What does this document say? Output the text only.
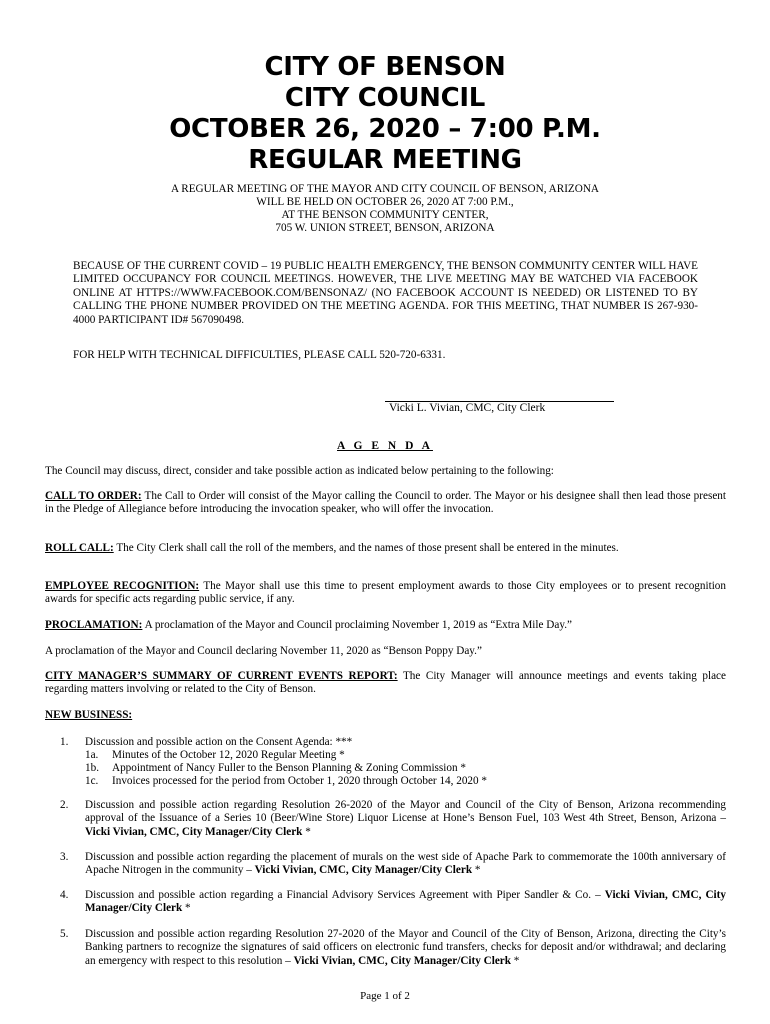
CITY OF BENSON
CITY COUNCIL
OCTOBER 26, 2020 – 7:00 P.M.
REGULAR MEETING
A REGULAR MEETING OF THE MAYOR AND CITY COUNCIL OF BENSON, ARIZONA
WILL BE HELD ON OCTOBER 26, 2020 AT 7:00 P.M.,
AT THE BENSON COMMUNITY CENTER,
705 W. UNION STREET, BENSON, ARIZONA
BECAUSE OF THE CURRENT COVID – 19 PUBLIC HEALTH EMERGENCY, THE BENSON COMMUNITY CENTER WILL HAVE LIMITED OCCUPANCY FOR COUNCIL MEETINGS. HOWEVER, THE LIVE MEETING MAY BE WATCHED VIA FACEBOOK ONLINE AT HTTPS://WWW.FACEBOOK.COM/BENSONAZ/ (NO FACEBOOK ACCOUNT IS NEEDED) OR LISTENED TO BY CALLING THE PHONE NUMBER PROVIDED ON THE MEETING AGENDA. FOR THIS MEETING, THAT NUMBER IS 267-930-4000 PARTICIPANT ID# 567090498.
FOR HELP WITH TECHNICAL DIFFICULTIES, PLEASE CALL 520-720-6331.
Vicki L. Vivian, CMC, City Clerk
A G E N D A
The Council may discuss, direct, consider and take possible action as indicated below pertaining to the following:
CALL TO ORDER: The Call to Order will consist of the Mayor calling the Council to order. The Mayor or his designee shall then lead those present in the Pledge of Allegiance before introducing the invocation speaker, who will offer the invocation.
ROLL CALL: The City Clerk shall call the roll of the members, and the names of those present shall be entered in the minutes.
EMPLOYEE RECOGNITION: The Mayor shall use this time to present employment awards to those City employees or to present recognition awards for specific acts regarding public service, if any.
PROCLAMATION: A proclamation of the Mayor and Council proclaiming November 1, 2019 as “Extra Mile Day.”
A proclamation of the Mayor and Council declaring November 11, 2020 as “Benson Poppy Day.”
CITY MANAGER’S SUMMARY OF CURRENT EVENTS REPORT: The City Manager will announce meetings and events taking place regarding matters involving or related to the City of Benson.
NEW BUSINESS:
1. Discussion and possible action on the Consent Agenda: ***
1a. Minutes of the October 12, 2020 Regular Meeting *
1b. Appointment of Nancy Fuller to the Benson Planning & Zoning Commission *
1c. Invoices processed for the period from October 1, 2020 through October 14, 2020 *
2. Discussion and possible action regarding Resolution 26-2020 of the Mayor and Council of the City of Benson, Arizona recommending approval of the Issuance of a Series 10 (Beer/Wine Store) Liquor License at Hone’s Benson Fuel, 103 West 4th Street, Benson, Arizona – Vicki Vivian, CMC, City Manager/City Clerk *
3. Discussion and possible action regarding the placement of murals on the west side of Apache Park to commemorate the 100th anniversary of Apache Nitrogen in the community – Vicki Vivian, CMC, City Manager/City Clerk *
4. Discussion and possible action regarding a Financial Advisory Services Agreement with Piper Sandler & Co. – Vicki Vivian, CMC, City Manager/City Clerk *
5. Discussion and possible action regarding Resolution 27-2020 of the Mayor and Council of the City of Benson, Arizona, directing the City’s Banking partners to recognize the signatures of said officers on electronic fund transfers, checks for deposit and/or withdrawal; and declaring an emergency with respect to this resolution – Vicki Vivian, CMC, City Manager/City Clerk *
Page 1 of 2
